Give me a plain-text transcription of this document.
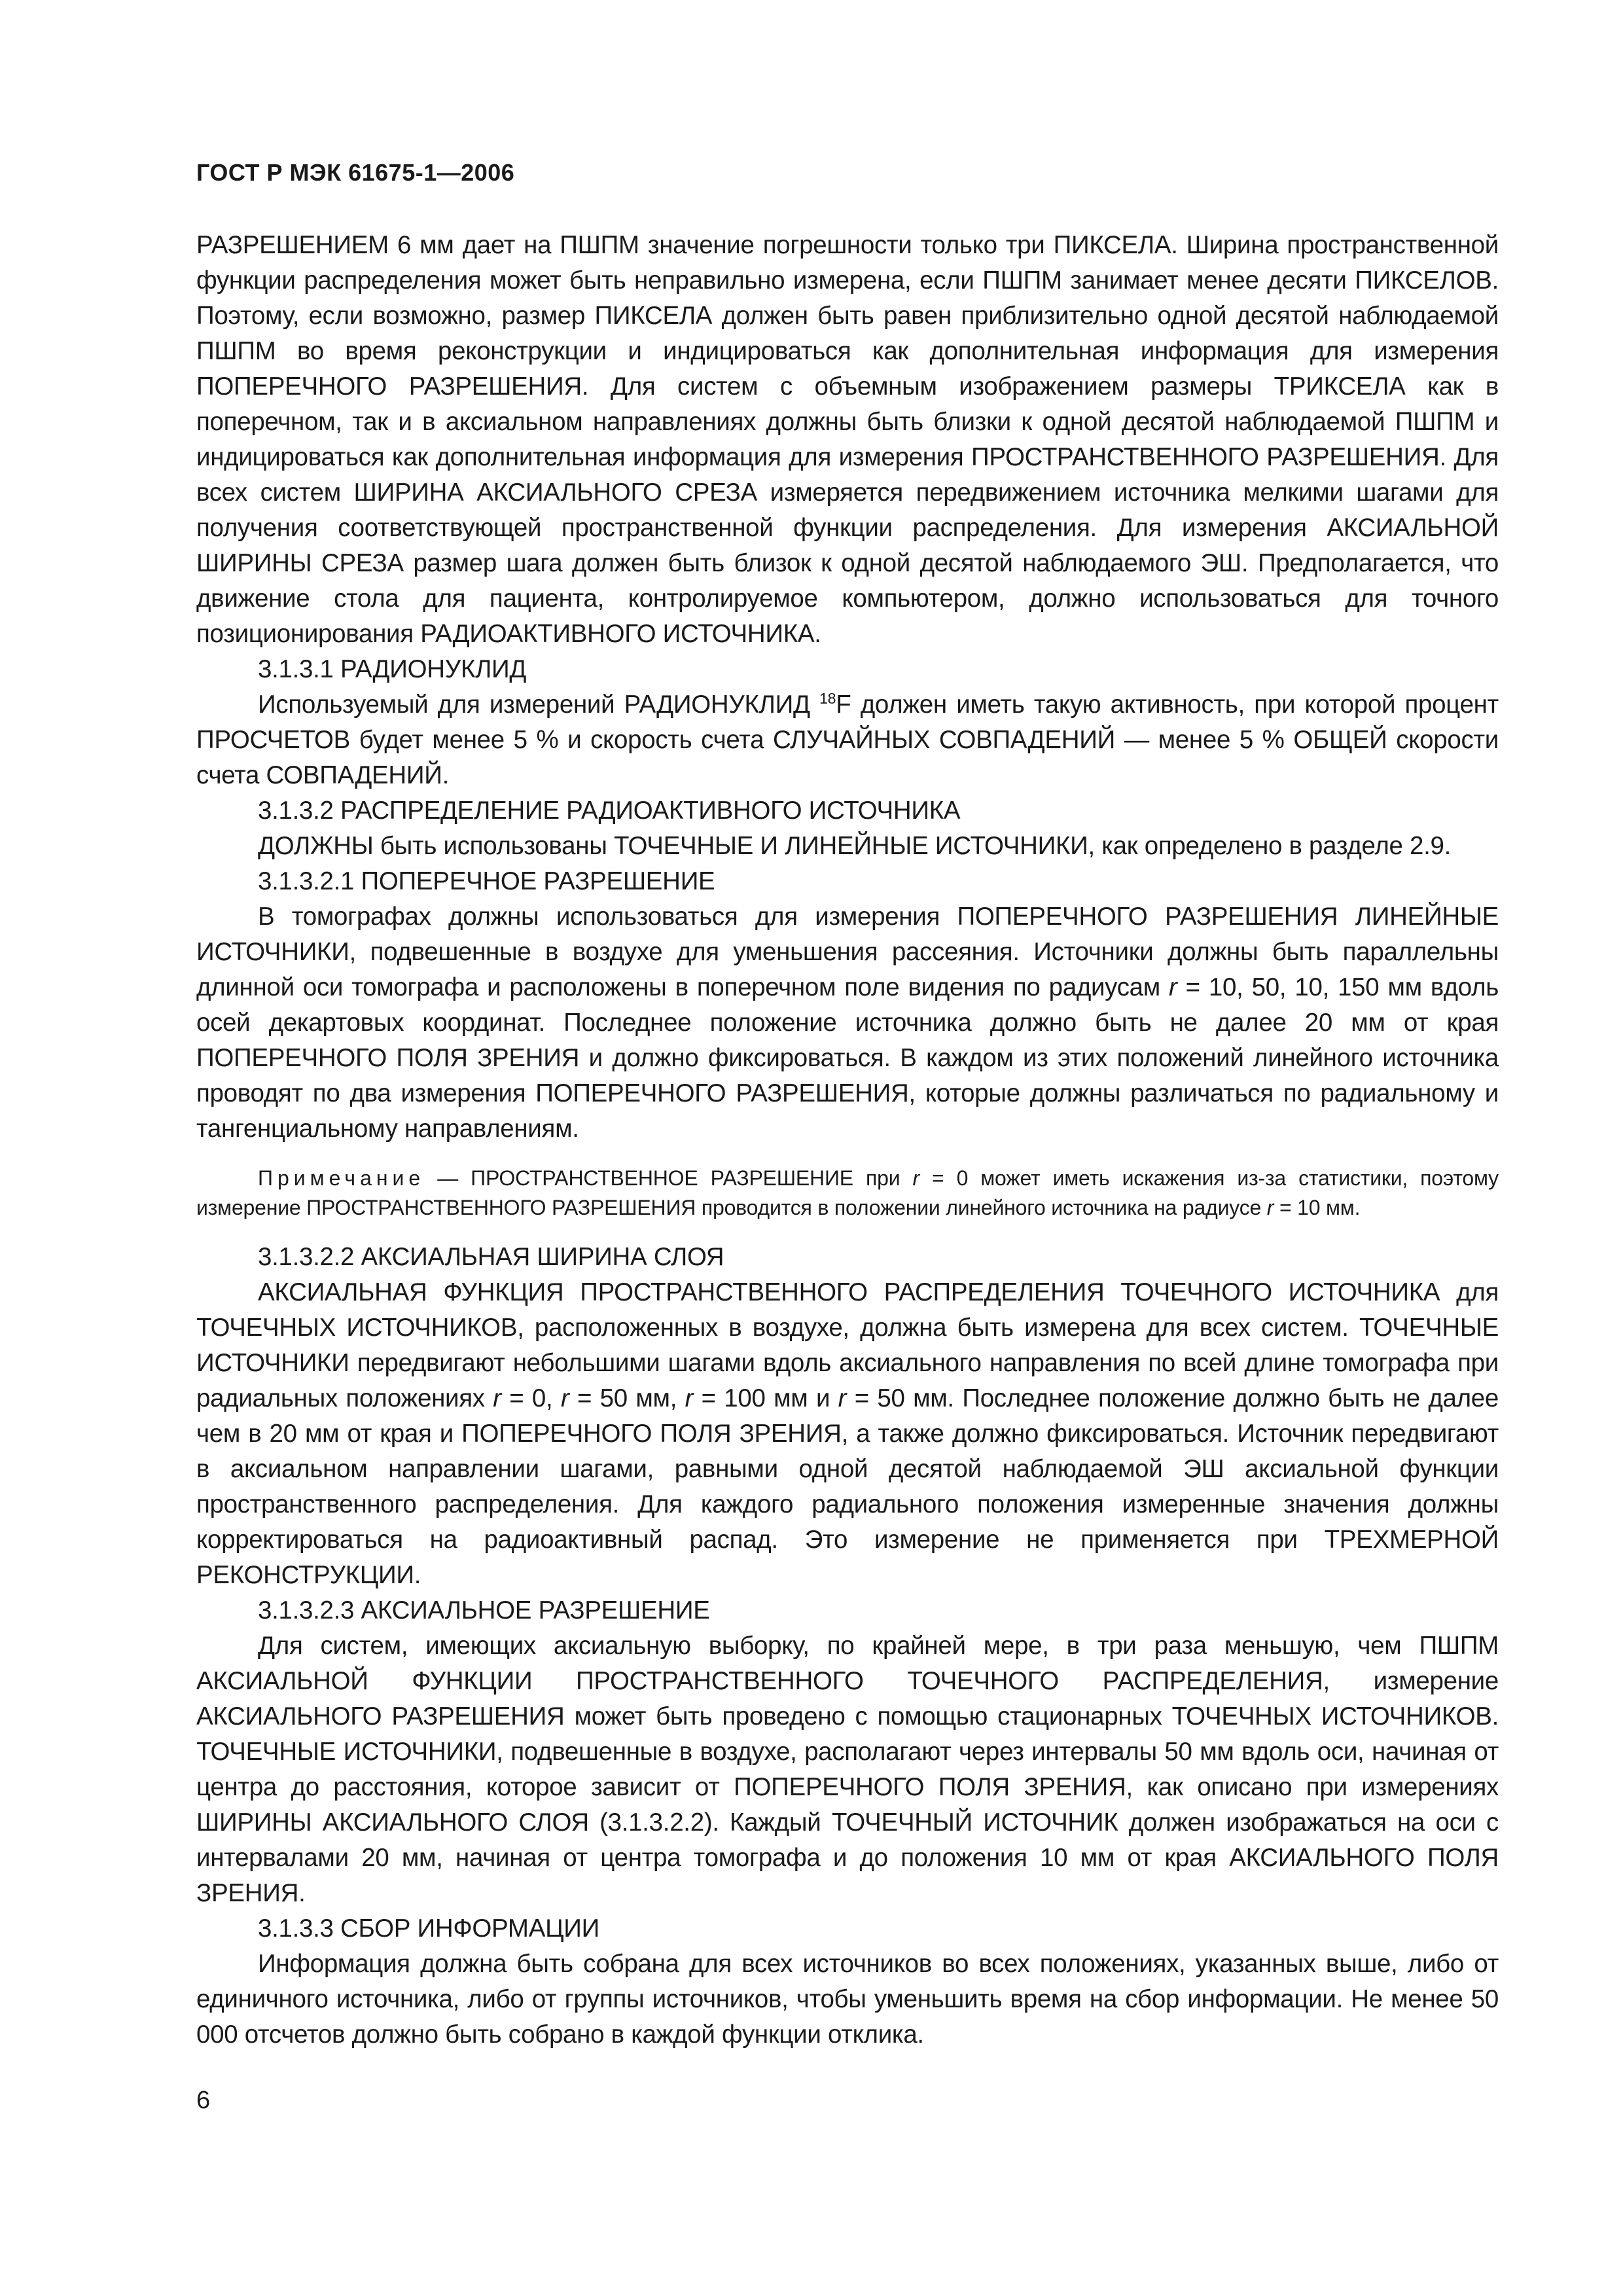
ГОСТ Р МЭК 61675-1—2006

РАЗРЕШЕНИЕМ 6 мм дает на ПШПМ значение погрешности только три ПИКСЕЛА. Ширина пространственной функции распределения может быть неправильно измерена, если ПШПМ занимает менее десяти ПИКСЕЛОВ. Поэтому, если возможно, размер ПИКСЕЛА должен быть равен приблизительно одной десятой наблюдаемой ПШПМ во время реконструкции и индицироваться как дополнительная информация для измерения ПОПЕРЕЧНОГО РАЗРЕШЕНИЯ. Для систем с объемным изображением размеры ТРИКСЕЛА как в поперечном, так и в аксиальном направлениях должны быть близки к одной десятой наблюдаемой ПШПМ и индицироваться как дополнительная информация для измерения ПРОСТРАНСТВЕННОГО РАЗРЕШЕНИЯ. Для всех систем ШИРИНА АКСИАЛЬНОГО СРЕЗА измеряется передвижением источника мелкими шагами для получения соответствующей пространственной функции распределения. Для измерения АКСИАЛЬНОЙ ШИРИНЫ СРЕЗА размер шага должен быть близок к одной десятой наблюдаемого ЭШ. Предполагается, что движение стола для пациента, контролируемое компьютером, должно использоваться для точного позиционирования РАДИОАКТИВНОГО ИСТОЧНИКА.

3.1.3.1 РАДИОНУКЛИД

Используемый для измерений РАДИОНУКЛИД $^{18}$F должен иметь такую активность, при которой процент ПРОСЧЕТОВ будет менее 5 % и скорость счета СЛУЧАЙНЫХ СОВПАДЕНИЙ — менее 5 % ОБЩЕЙ скорости счета СОВПАДЕНИЙ.

3.1.3.2 РАСПРЕДЕЛЕНИЕ РАДИОАКТИВНОГО ИСТОЧНИКА

ДОЛЖНЫ быть использованы ТОЧЕЧНЫЕ И ЛИНЕЙНЫЕ ИСТОЧНИКИ, как определено в разделе 2.9.

3.1.3.2.1 ПОПЕРЕЧНОЕ РАЗРЕШЕНИЕ

В томографах должны использоваться для измерения ПОПЕРЕЧНОГО РАЗРЕШЕНИЯ ЛИНЕЙНЫЕ ИСТОЧНИКИ, подвешенные в воздухе для уменьшения рассеяния. Источники должны быть параллельны длинной оси томографа и расположены в поперечном поле видения по радиусам r = 10, 50, 10, 150 мм вдоль осей декартовых координат. Последнее положение источника должно быть не далее 20 мм от края ПОПЕРЕЧНОГО ПОЛЯ ЗРЕНИЯ и должно фиксироваться. В каждом из этих положений линейного источника проводят по два измерения ПОПЕРЕЧНОГО РАЗРЕШЕНИЯ, которые должны различаться по радиальному и тангенциальному направлениям.

Примечание — ПРОСТРАНСТВЕННОЕ РАЗРЕШЕНИЕ при r = 0 может иметь искажения из-за статистики, поэтому измерение ПРОСТРАНСТВЕННОГО РАЗРЕШЕНИЯ проводится в положении линейного источника на радиусе r = 10 мм.

3.1.3.2.2 АКСИАЛЬНАЯ ШИРИНА СЛОЯ

АКСИАЛЬНАЯ ФУНКЦИЯ ПРОСТРАНСТВЕННОГО РАСПРЕДЕЛЕНИЯ ТОЧЕЧНОГО ИСТОЧНИКА для ТОЧЕЧНЫХ ИСТОЧНИКОВ, расположенных в воздухе, должна быть измерена для всех систем. ТОЧЕЧНЫЕ ИСТОЧНИКИ передвигают небольшими шагами вдоль аксиального направления по всей длине томографа при радиальных положениях r = 0, r = 50 мм, r = 100 мм и r = 50 мм. Последнее положение должно быть не далее чем в 20 мм от края и ПОПЕРЕЧНОГО ПОЛЯ ЗРЕНИЯ, а также должно фиксироваться. Источник передвигают в аксиальном направлении шагами, равными одной десятой наблюдаемой ЭШ аксиальной функции пространственного распределения. Для каждого радиального положения измеренные значения должны корректироваться на радиоактивный распад. Это измерение не применяется при ТРЕХМЕРНОЙ РЕКОНСТРУКЦИИ.

3.1.3.2.3 АКСИАЛЬНОЕ РАЗРЕШЕНИЕ

Для систем, имеющих аксиальную выборку, по крайней мере, в три раза меньшую, чем ПШПМ АКСИАЛЬНОЙ ФУНКЦИИ ПРОСТРАНСТВЕННОГО ТОЧЕЧНОГО РАСПРЕДЕЛЕНИЯ, измерение АКСИАЛЬНОГО РАЗРЕШЕНИЯ может быть проведено с помощью стационарных ТОЧЕЧНЫХ ИСТОЧНИКОВ. ТОЧЕЧНЫЕ ИСТОЧНИКИ, подвешенные в воздухе, располагают через интервалы 50 мм вдоль оси, начиная от центра до расстояния, которое зависит от ПОПЕРЕЧНОГО ПОЛЯ ЗРЕНИЯ, как описано при измерениях ШИРИНЫ АКСИАЛЬНОГО СЛОЯ (3.1.3.2.2). Каждый ТОЧЕЧНЫЙ ИСТОЧНИК должен изображаться на оси с интервалами 20 мм, начиная от центра томографа и до положения 10 мм от края АКСИАЛЬНОГО ПОЛЯ ЗРЕНИЯ.

3.1.3.3 СБОР ИНФОРМАЦИИ

Информация должна быть собрана для всех источников во всех положениях, указанных выше, либо от единичного источника, либо от группы источников, чтобы уменьшить время на сбор информации. Не менее 50 000 отсчетов должно быть собрано в каждой функции отклика.

6
